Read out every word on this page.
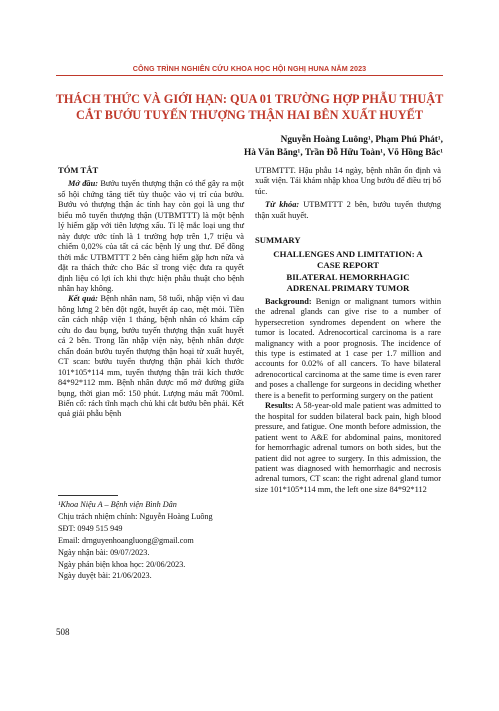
CÔNG TRÌNH NGHIÊN CỨU KHOA HỌC HỘI NGHỊ HUNA NĂM 2023
THÁCH THỨC VÀ GIỚI HẠN: QUA 01 TRƯỜNG HỢP PHẪU THUẬT
CẮT BƯỚU TUYẾN THƯỢNG THẬN HAI BÊN XUẤT HUYẾT
Nguyễn Hoàng Luông¹, Phạm Phú Phát¹,
Hà Văn Bằng¹, Trần Đỗ Hữu Toàn¹, Võ Hồng Bắc¹
TÓM TẮT

Mở đầu: Bướu tuyến thượng thận có thể gây ra một số hội chứng tăng tiết tùy thuộc vào vị trí của bướu. Bướu vỏ thượng thận ác tính hay còn gọi là ung thư biểu mô tuyến thượng thận (UTBMTTT) là một bệnh lý hiếm gặp với tiên lượng xấu. Tỉ lệ mắc loại ung thư này được ước tính là 1 trường hợp trên 1,7 triệu và chiếm 0,02% của tất cả các bệnh lý ung thư. Để đồng thời mắc UTBMTTT 2 bên càng hiếm gặp hơn nữa và đặt ra thách thức cho Bác sĩ trong việc đưa ra quyết định liệu có lợi ích khi thực hiện phẫu thuật cho bệnh nhân hay không.

Kết quả: Bệnh nhân nam, 58 tuổi, nhập viện vì đau hông lưng 2 bên đột ngột, huyết áp cao, mệt mỏi. Tiền căn cách nhập viện 1 tháng, bệnh nhân có khám cấp cứu do đau bụng, bướu tuyến thượng thận xuất huyết cả 2 bên. Trong lần nhập viện này, bệnh nhân được chẩn đoán bướu tuyến thượng thận hoại tử xuất huyết, CT scan: bướu tuyến thượng thận phải kích thước 101*105*114 mm, tuyến thượng thận trái kích thước 84*92*112 mm. Bệnh nhân được mổ mở đường giữa bụng, thời gian mổ: 150 phút. Lượng máu mất 700ml. Biến cố: rách tĩnh mạch chủ khi cắt bướu bên phải. Kết quả giải phẫu bệnh

UTBMTTT. Hậu phẫu 14 ngày, bệnh nhân ổn định và xuất viện. Tái khám nhập khoa Ung bướu để điều trị bổ túc.

Từ khóa: UTBMTTT 2 bên, bướu tuyến thượng thận xuất huyết.

SUMMARY
CHALLENGES AND LIMITATION: A
CASE REPORT
BILATERAL HEMORRHAGIC
ADRENAL PRIMARY TUMOR

Background: Benign or malignant tumors within the adrenal glands can give rise to a number of hypersecretion syndromes dependent on where the tumor is located. Adrenocortical carcinoma is a rare malignancy with a poor prognosis. The incidence of this type is estimated at 1 case per 1.7 million and accounts for 0.02% of all cancers. To have bilateral adrenocortical carcinoma at the same time is even rarer and poses a challenge for surgeons in deciding whether there is a benefit to performing surgery on the patient

Results: A 58-year-old male patient was admitted to the hospital for sudden bilateral back pain, high blood pressure, and fatigue. One month before admission, the patient went to A&E for abdominal pains, monitored for hemorrhagic adrenal tumors on both sides, but the patient did not agree to surgery. In this admission, the patient was diagnosed with hemorrhagic and necrosis adrenal tumors, CT scan: the right adrenal gland tumor size 101*105*114 mm, the left one size 84*92*112

¹Khoa Niệu A – Bệnh viện Bình Dân
Chịu trách nhiệm chính: Nguyễn Hoàng Luông
SĐT: 0949 515 949
Email: drnguyenhoangluong@gmail.com
Ngày nhận bài: 09/07/2023.
Ngày phản biện khoa học: 20/06/2023.
Ngày duyệt bài: 21/06/2023.
508
